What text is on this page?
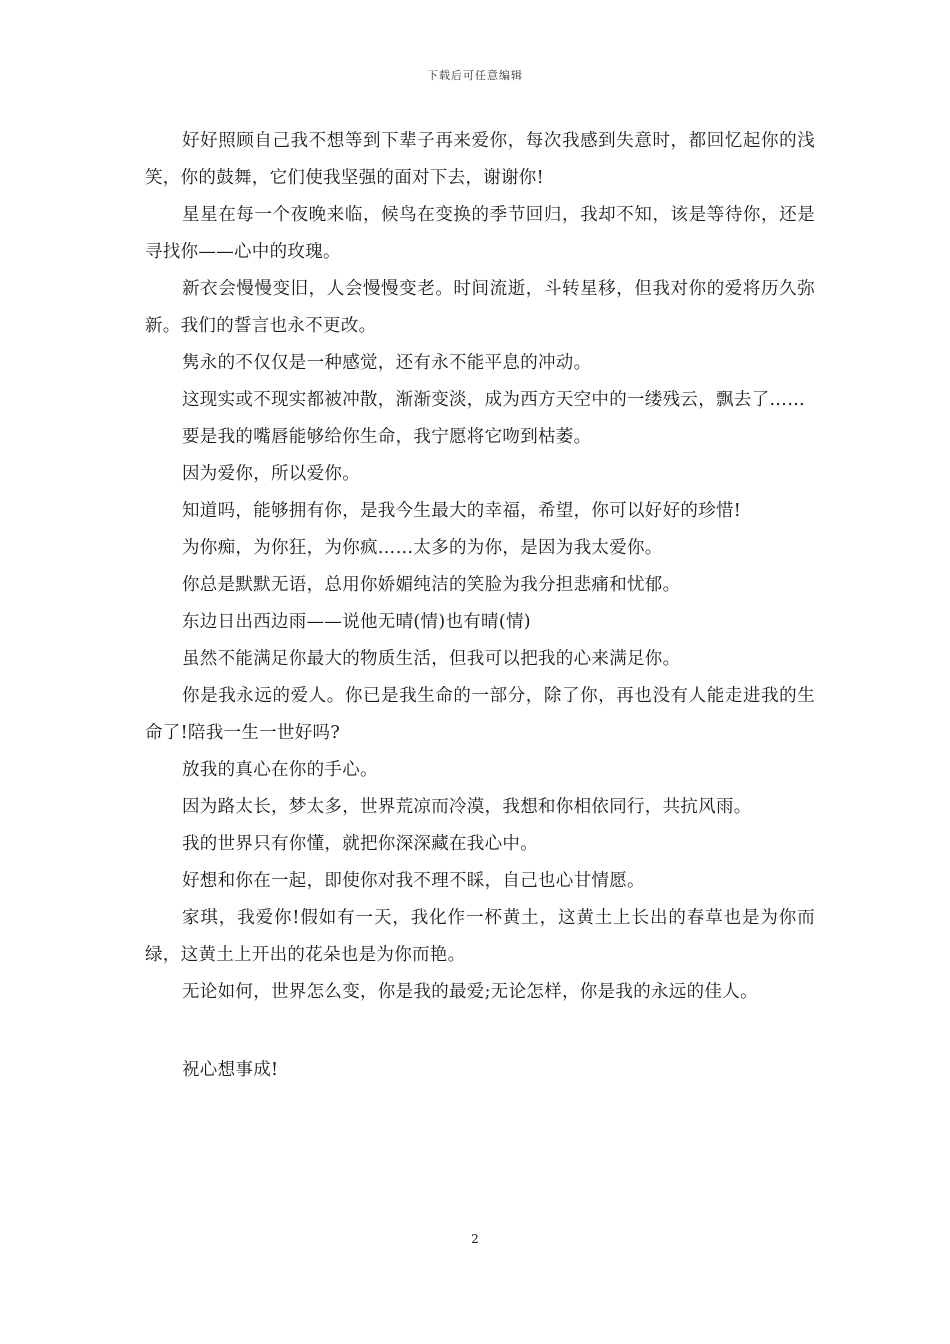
下载后可任意编辑

好好照顾自己我不想等到下辈子再来爱你，每次我感到失意时，都回忆起你的浅笑，你的鼓舞，它们使我坚强的面对下去，谢谢你!

星星在每一个夜晚来临，候鸟在变换的季节回归，我却不知，该是等待你，还是寻找你——心中的玫瑰。

新衣会慢慢变旧，人会慢慢变老。时间流逝，斗转星移，但我对你的爱将历久弥新。我们的誓言也永不更改。

隽永的不仅仅是一种感觉，还有永不能平息的冲动。

这现实或不现实都被冲散，渐渐变淡，成为西方天空中的一缕残云，飘去了……

要是我的嘴唇能够给你生命，我宁愿将它吻到枯萎。

因为爱你，所以爱你。

知道吗，能够拥有你，是我今生最大的幸福，希望，你可以好好的珍惜!

为你痴，为你狂，为你疯……太多的为你，是因为我太爱你。

你总是默默无语，总用你娇媚纯洁的笑脸为我分担悲痛和忧郁。

东边日出西边雨——说他无晴(情)也有晴(情)

虽然不能满足你最大的物质生活，但我可以把我的心来满足你。

你是我永远的爱人。你已是我生命的一部分，除了你，再也没有人能走进我的生命了!陪我一生一世好吗?

放我的真心在你的手心。

因为路太长，梦太多，世界荒凉而冷漠，我想和你相依同行，共抗风雨。

我的世界只有你懂，就把你深深藏在我心中。

好想和你在一起，即使你对我不理不睬，自己也心甘情愿。

家琪，我爱你!假如有一天，我化作一杯黄土，这黄土上长出的春草也是为你而绿，这黄土上开出的花朵也是为你而艳。

无论如何，世界怎么变，你是我的最爱;无论怎样，你是我的永远的佳人。

祝心想事成!

2
